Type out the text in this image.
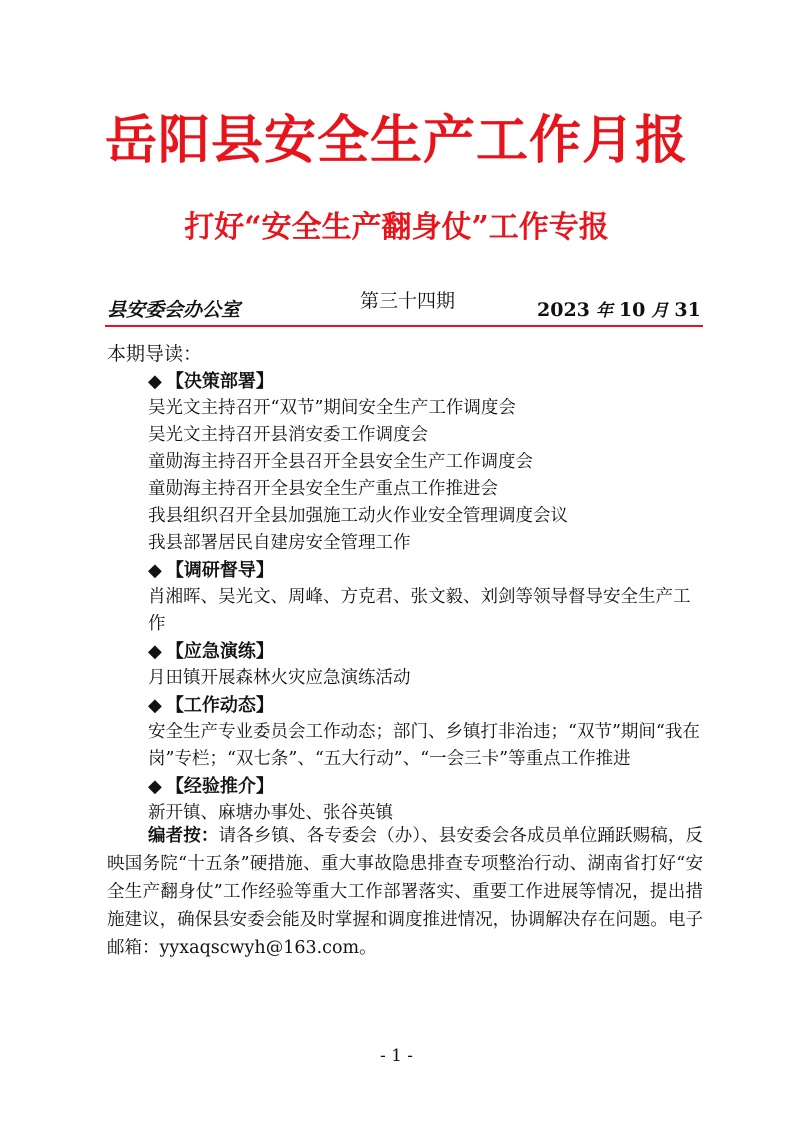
岳阳县安全生产工作月报
打好“安全生产翻身仗”工作专报
县安委会办公室	第三十四期	2023 年 10 月 31
本期导读：
◆ 【决策部署】
吴光文主持召开“双节”期间安全生产工作调度会
吴光文主持召开县消安委工作调度会
童勋海主持召开全县召开全县安全生产工作调度会
童勋海主持召开全县安全生产重点工作推进会
我县组织召开全县加强施工动火作业安全管理调度会议
我县部署居民自建房安全管理工作
◆ 【调研督导】
肖湘晖、吴光文、周峰、方克君、张文毅、刘剑等领导督导安全生产工作
◆ 【应急演练】
月田镇开展森林火灾应急演练活动
◆ 【工作动态】
安全生产专业委员会工作动态；部门、乡镇打非治违；“双节”期间“我在岗”专栏；“双七条”、“五大行动”、“一会三卡”等重点工作推进
◆ 【经验推介】
新开镇、麻塘办事处、张谷英镇
编者按：请各乡镇、各专委会（办）、县安委会各成员单位踊跃赐稿，反映国务院“十五条”硬措施、重大事故隐患排查专项整治行动、湖南省打好“安全生产翻身仗”工作经验等重大工作部署落实、重要工作进展等情况，提出措施建议，确保县安委会能及时掌握和调度推进情况，协调解决存在问题。电子邮箱：yyxaqscwyh@163.com。
- 1 -
